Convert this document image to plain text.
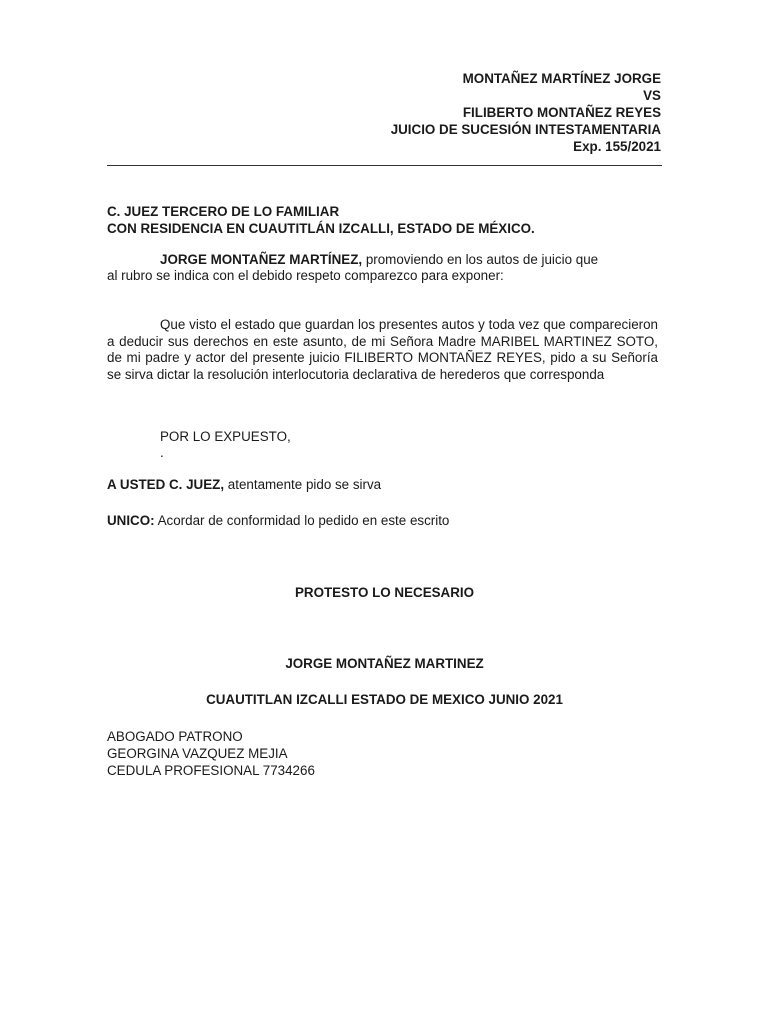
MONTAÑEZ MARTÍNEZ JORGE
VS
FILIBERTO MONTAÑEZ REYES
JUICIO DE SUCESIÓN INTESTAMENTARIA
Exp. 155/2021
C. JUEZ TERCERO DE LO FAMILIAR
CON RESIDENCIA EN CUAUTITLÁN IZCALLI, ESTADO DE MÉXICO.
JORGE MONTAÑEZ MARTÍNEZ, promoviendo en los autos de juicio que
al rubro se indica con el debido respeto comparezco para exponer:
Que visto el estado que guardan los presentes autos y toda vez que comparecieron a deducir sus derechos en este asunto, de mi Señora Madre MARIBEL MARTINEZ SOTO, de mi padre y actor del presente juicio FILIBERTO MONTAÑEZ REYES, pido a su Señoría se sirva dictar la resolución interlocutoria declarativa de herederos que corresponda
POR LO EXPUESTO,
.
A USTED C. JUEZ, atentamente pido se sirva
UNICO: Acordar de conformidad lo pedido en este escrito
PROTESTO LO NECESARIO
JORGE MONTAÑEZ MARTINEZ
CUAUTITLAN IZCALLI ESTADO DE MEXICO JUNIO 2021
ABOGADO PATRONO
GEORGINA VAZQUEZ MEJIA
CEDULA PROFESIONAL 7734266
